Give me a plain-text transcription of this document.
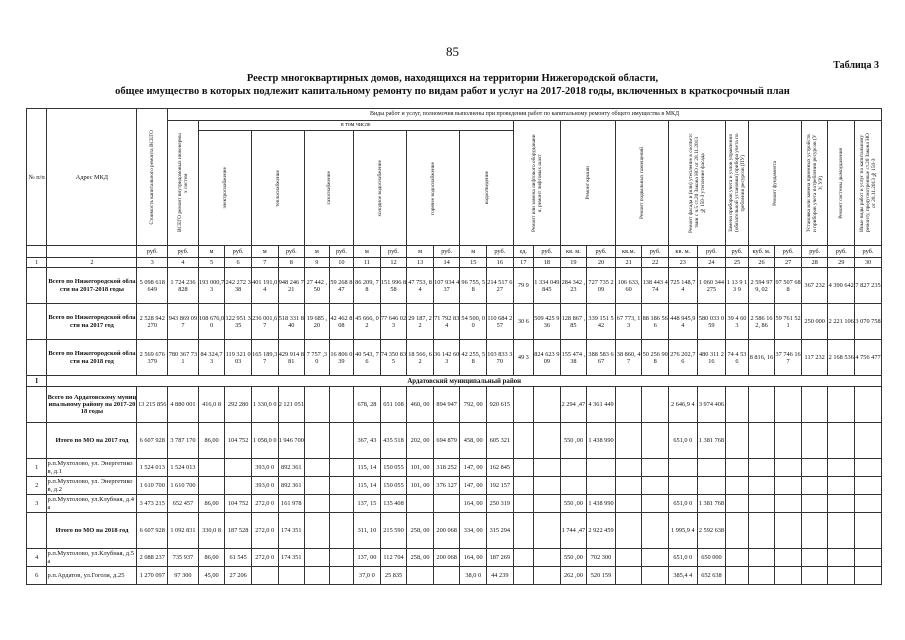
85
Таблица 3
Реестр многоквартирных домов, находящихся на территории Нижегородской области,
общее имущество в которых подлежит капитальному ремонту по видам работ и услуг на 2017-2018 годы, включенных в краткосрочный план
№ п/п	Адрес МКД	Стоимость капитального ремонта ВСЕГО	Виды работ и услуг, полномочия выполнены при проведении работ по капитальному ремонту общего имущества в МКД																										

			ВСЕГО ремонт внутридомовых инженерных систем	в том числе												Ремонт или замена лифтового оборудования, ремонт лифтовых шахт		Ремонт крыши		Ремонт подвальных помещений		Ремонт фасада и (или) утепление в соответствии с ч.5 ст.20 Закона НО от 28.11.2013 №159-З утепление фасада		Замена приборов учета и узлов управления (обязательной установки) прибора учета потребления ресурсов (ПУ)	Ремонт фундамента		Установка или замена приемных устройств и приборов учета потребления ресурсов (УУ, УР)	Ремонт системы дымоудаления	Иные виды работ и услуг по капитальному ремонту, предусмотренные ст.20 Закона НО от 28.11.2013 №159-З

				электроснабжение		теплоснабжение		газоснабжение		холодное водоснабжение		горячее водоснабжение		водоотведение															

		руб.	руб.	м	руб.	м	руб.	м	руб.	м	руб.	м	руб.	м	руб.	ед.	руб.	кв. м.	руб.	кв.м.	руб.	кв. м.	руб.	руб.	куб. м.	руб.	руб.	руб.	руб.
1	2	3	4	5	6	7	8	9	10	11	12	13	14	15	16	17	18	19	20	21	22	23	24	25	26	27	28	29	30
	Всего по Нижегородской области на 2017-2018 годы	5 098 618 649	1 724 236 828	193 000,7 3	242 272 338	401 191,0 4	948 246 721	27 442 ,50	59 268 847	86 209, 78	151 996 858	47 753, 84	107 934 437	96 755, 58	214 517 627	79 9	1 334 049 845	284 342 ,23	727 735 209	106 633, 60	138 443 474	725 148,7 4	1 060 344 275	1 13 9 13 9	2 594 979, 02	97 507 688	367 232	4 390 642	7 827 235
	Всего по Нижегородской области на 2017 год	2 528 942 270	943 869 097	108 676,0 0	122 951 335	236 001,6 7	518 331 840	19 685 ,20	42 462 808	45 666, 02	77 646 023	29 187, 22	71 792 834	54 500, 00	110 684 257	30 6	509 425 936	128 867 ,85	339 151 542	67 773, 13	88 186 566	448 945,9 4	580 033 059	39 4 60 3	2 586 162, 86	59 761 521	250 000	2 221 106	3 070 758
	Всего по Нижегородской области на 2018 год	2 569 676 379	780 367 731	84 324,7 3	119 321 003	165 189,3 7	429 914 881	7 757 ,30	16 806 039	40 543, 76	74 350 835	18 566, 62	36 142 603	42 255, 58	103 833 370	49 3	824 623 909	155 474 ,38	388 583 667	38 860, 47	50 256 908	276 202,7 6	480 311 216	74 4 53 6	8 816, 16	37 746 167	117 232	2 168 536	4 756 477
I	Ардатовский муниципальный район																												
	Всего по Ардатовскому муниципальному району на 2017-2018 годы	13 215 856	4 880 001	416,0 8	292 280	1 330,0 0	2 121 051			678, 28	651 108	460, 00	894 947	792, 00	920 615			2 294 ,47	4 361 449			2 646,9 4	3 974 406						
	Итого по МО на 2017 год	6 607 928	3 787 170	86,00	104 752	1 058,0 0	1 946 700			367, 43	435 518	202, 00	694 879	458, 00	605 321			550 ,00	1 438 990			651,0 0	1 381 768						
1	р.п.Мухтолово, ул. Энергетиков, д.1	1 524 013	1 524 013			393,0 0	892 361			115, 14	150 055	101, 00	318 252	147, 00	162 845														
2	р.п.Мухтолово, ул. Энергетиков, д.2	1 610 700	1 610 700			393,0 0	892 361			115, 14	150 055	101, 00	376 127	147, 00	192 157														
3	р.п.Мухтолово, ул.Клубная, д.4 а	3 473 215	652 457	86,00	104 752	272,0 0	161 978			137, 15	135 408			164, 00	250 319			550 ,00	1 438 990			651,0 0	1 381 768						
	Итого по МО на 2018 год	6 607 928	1 092 831	330,0 8	187 528	272,0 0	174 351			311, 10	215 590	258, 00	200 068	334, 00	315 294			1 744 ,47	2 922 459			1 995,9 4	2 592 638						
4	р.п.Мухтолово, ул.Клубная, д.5 а	2 088 237	735 937	86,00	61 545	272,0 0	174 351			137, 00	112 704	258, 00	200 068	164, 00	187 269			550 ,00	702 300			651,0 0	650 000						
6	р.п.Ардатов, ул.Гоголя, д.25	1 270 097	97 300	45,00	27 206					37,0 0	25 835			38,0 0	44 239			262 ,00	520 159			385,4 4	652 638						
